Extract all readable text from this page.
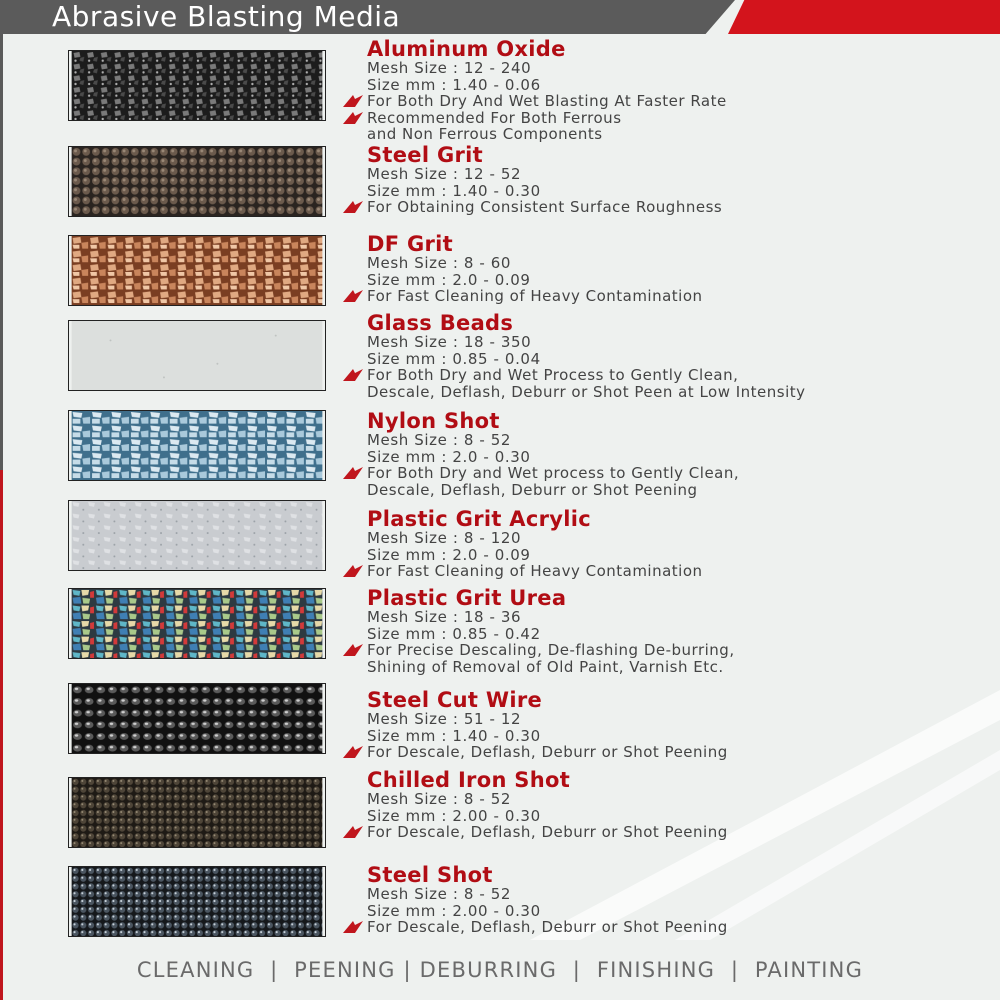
Abrasive Blasting Media
Aluminum Oxide
Mesh Size : 12 - 240
Size mm : 1.40 - 0.06
For Both Dry And Wet Blasting At Faster Rate
Recommended For Both Ferrous
and Non Ferrous Components
Steel Grit
Mesh Size : 12 - 52
Size mm : 1.40 - 0.30
For Obtaining Consistent Surface Roughness
DF Grit
Mesh Size : 8 - 60
Size mm : 2.0 - 0.09
For Fast Cleaning of Heavy Contamination
Glass Beads
Mesh Size : 18 - 350
Size mm : 0.85 - 0.04
For Both Dry and Wet Process to Gently Clean,
Descale, Deflash, Deburr or Shot Peen at Low Intensity
Nylon Shot
Mesh Size : 8 - 52
Size mm : 2.0 - 0.30
For Both Dry and Wet process to Gently Clean,
Descale, Deflash, Deburr or Shot Peening
Plastic Grit Acrylic
Mesh Size : 8 - 120
Size mm : 2.0 - 0.09
For Fast Cleaning of Heavy Contamination
Plastic Grit Urea
Mesh Size : 18 - 36
Size mm : 0.85 - 0.42
For Precise Descaling, De-flashing De-burring,
Shining of Removal of Old Paint, Varnish Etc.
Steel Cut Wire
Mesh Size : 51 - 12
Size mm : 1.40 - 0.30
For Descale, Deflash, Deburr or Shot Peening
Chilled Iron Shot
Mesh Size : 8 - 52
Size mm : 2.00 - 0.30
For Descale, Deflash, Deburr or Shot Peening
Steel Shot
Mesh Size : 8 - 52
Size mm : 2.00 - 0.30
For Descale, Deflash, Deburr or Shot Peening
CLEANING  |  PEENING | DEBURRING  |  FINISHING  |  PAINTING
